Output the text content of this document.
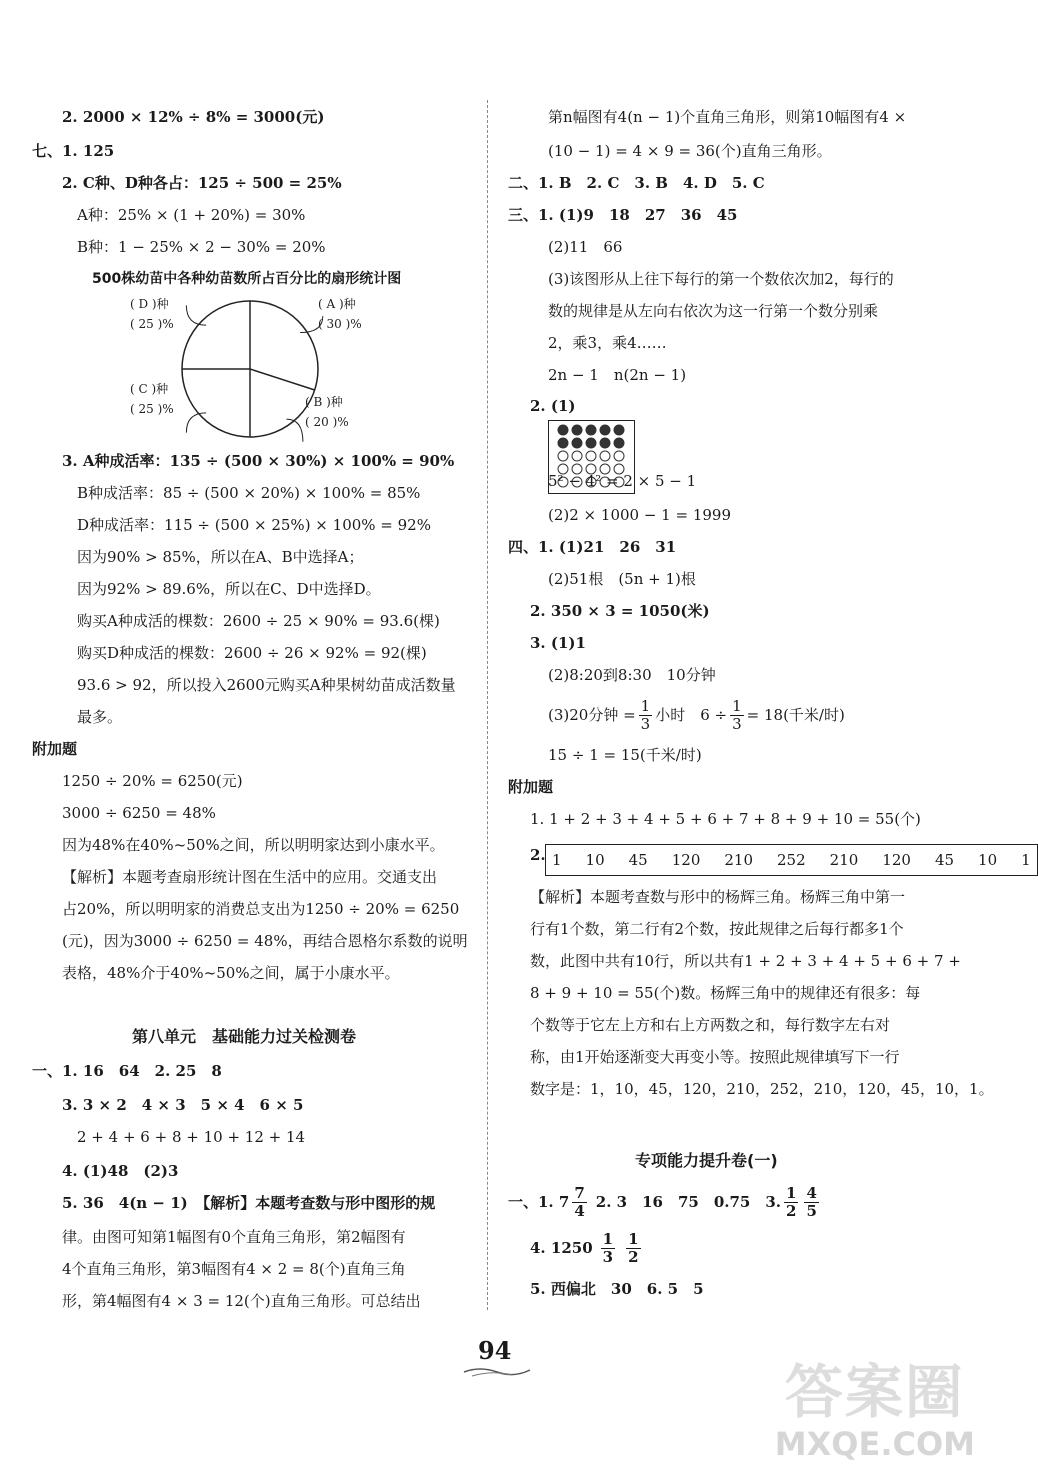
2. 2000 × 12% ÷ 8% = 3000(元)
七、1. 125
2. C种、D种各占：125 ÷ 500 = 25%
A种：25% × (1 + 20%) = 30%
B种：1 − 25% × 2 − 30% = 20%
500株幼苗中各种幼苗数所占百分比的扇形统计图
( D )种
( 25 )%
( A )种
( 30 )%
( C )种
( 25 )%	( B )种
( 20 )%
3. A种成活率：135 ÷ (500 × 30%) × 100% = 90%
B种成活率：85 ÷ (500 × 20%) × 100% = 85%
D种成活率：115 ÷ (500 × 25%) × 100% = 92%
因为90% > 85%，所以在A、B中选择A；
因为92% > 89.6%，所以在C、D中选择D。
购买A种成活的棵数：2600 ÷ 25 × 90% = 93.6(棵)
购买D种成活的棵数：2600 ÷ 26 × 92% = 92(棵)
93.6 > 92，所以投入2600元购买A种果树幼苗成活数量
最多。
附加题
1250 ÷ 20% = 6250(元)
3000 ÷ 6250 = 48%
因为48%在40%~50%之间，所以明明家达到小康水平。
【解析】本题考查扇形统计图在生活中的应用。交通支出
占20%，所以明明家的消费总支出为1250 ÷ 20% = 6250
(元)，因为3000 ÷ 6250 = 48%，再结合恩格尔系数的说明
表格，48%介于40%~50%之间，属于小康水平。
第八单元　基础能力过关检测卷
一、1. 16　64　2. 25　8
3. 3 × 2　4 × 3　5 × 4　6 × 5
2 + 4 + 6 + 8 + 10 + 12 + 14
4. (1)48　(2)3
5. 36　4(n − 1)　【解析】本题考查数与形中图形的规
律。由图可知第1幅图有0个直角三角形，第2幅图有
4个直角三角形，第3幅图有4 × 2 = 8(个)直角三角
形，第4幅图有4 × 3 = 12(个)直角三角形。可总结出
第n幅图有4(n − 1)个直角三角形，则第10幅图有4 ×
(10 − 1) = 4 × 9 = 36(个)直角三角形。
二、1. B　2. C　3. B　4. D　5. C
三、1. (1)9　18　27　36　45
(2)11　66
(3)该图形从上往下每行的第一个数依次加2，每行的
数的规律是从左向右依次为这一行第一个数分别乘
2，乘3，乘4……
2n − 1　n(2n − 1)
2. (1)
5² − 4² = 2 × 5 − 1
(2)2 × 1000 − 1 = 1999
四、1. (1)21　26　31
(2)51根　(5n + 1)根
2. 350 × 3 = 1050(米)
3. (1)1
(2)8:20到8:30　10分钟
(3)20分钟 = $\frac{1}{3}$ 小时　$6 \div \frac{1}{3} = 18$(千米/时)
15 ÷ 1 = 15(千米/时)
附加题
1. 1 + 2 + 3 + 4 + 5 + 6 + 7 + 8 + 9 + 10 = 55(个)
2. 1 10 45 120 210 252 210 120 45 10 1
【解析】本题考查数与形中的杨辉三角。杨辉三角中第一
行有1个数，第二行有2个数，按此规律之后每行都多1个
数，此图中共有10行，所以共有1 + 2 + 3 + 4 + 5 + 6 + 7 +
8 + 9 + 10 = 55(个)数。杨辉三角中的规律还有很多：每
个数等于它左上方和右上方两数之和，每行数字左右对
称，由1开始逐渐变大再变小等。按照此规律填写下一行
数字是：1，10，45，120，210，252，210，120，45，10，1。
专项能力提升卷(一)
一、1. $7 \frac{7}{4} 2$. 3　16　75　0.75　3. $\frac{1}{2} \frac{4}{5}$
4. $1250 \frac{1}{3} \frac{1}{2}$
5. 西偏北　30　6. 5　5
94
答案圈
MXQE.COM
